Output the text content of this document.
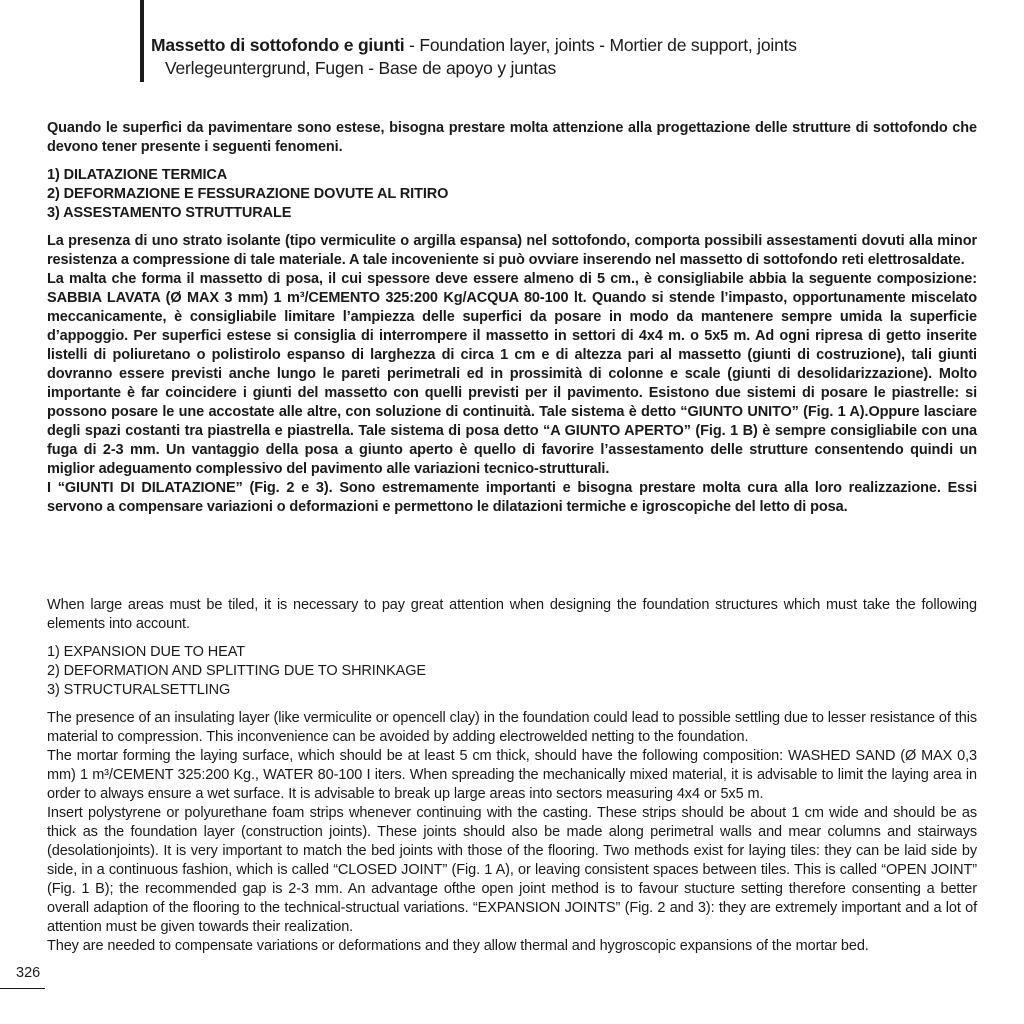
Massetto di sottofondo e giunti - Foundation layer, joints - Mortier de support, joints
Verlegeuntergrund, Fugen - Base de apoyo y juntas

Quando le superfìci da pavimentare sono estese, bisogna prestare molta attenzione alla progettazione delle strutture di sottofondo che devono tener presente i seguenti fenomeni.

1) DILATAZIONE TERMICA
2) DEFORMAZIONE E FESSURAZIONE DOVUTE AL RITIRO
3) ASSESTAMENTO STRUTTURALE

La presenza di uno strato isolante (tipo vermiculite o argilla espansa) nel sottofondo, comporta possibili assestamenti dovuti alla minor resistenza a compressione di tale materiale. A tale incoveniente si può ovviare inserendo nel massetto di sottofondo reti elettrosaldate.

La malta che forma il massetto di posa, il cui spessore deve essere almeno di 5 cm., è consigliabile abbia la seguente composizione: SABBIA LAVATA (Ø MAX 3 mm) 1 m³/CEMENTO 325:200 Kg/ACQUA 80-100 lt. Quando si stende l’impasto, opportunamente miscelato meccanicamente, è consigliabile limitare l’ampiezza delle superfici da posare in modo da mantenere sempre umida la superficie d’appoggio. Per superfici estese si consiglia di interrompere il massetto in settori di 4x4 m. o 5x5 m. Ad ogni ripresa di getto inserite listelli di poliuretano o polistirolo espanso di larghezza di circa 1 cm e di altezza pari al massetto (giunti di costruzione), tali giunti dovranno essere previsti anche lungo le pareti perimetrali ed in prossimità di colonne e scale (giunti di desolidarizzazione). Molto importante è far coincidere i giunti del massetto con quelli previsti per il pavimento. Esistono due sistemi di posare le piastrelle: si possono posare le une accostate alle altre, con soluzione di continuità. Tale sistema è detto “GIUNTO UNITO” (Fig. 1 A).Oppure lasciare degli spazi costanti tra piastrella e piastrella. Tale sistema di posa detto “A GIUNTO APERTO” (Fig. 1 B) è sempre consigliabile con una fuga di 2-3 mm. Un vantaggio della posa a giunto aperto è quello di favorire l’assestamento delle strutture consentendo quindi un miglior adeguamento complessivo del pavimento alle variazioni tecnico-strutturali.

I “GIUNTI DI DILATAZIONE” (Fig. 2 e 3). Sono estremamente importanti e bisogna prestare molta cura alla loro realizzazione. Essi servono a compensare variazioni o deformazioni e permettono le dilatazioni termiche e igroscopiche del letto di posa.

When large areas must be tiled, it is necessary to pay great attention when designing the foundation structures which must take the following elements into account.

1) EXPANSION DUE TO HEAT
2) DEFORMATION AND SPLITTING DUE TO SHRINKAGE
3) STRUCTURALSETTLING

The presence of an insulating layer (like vermiculite or opencell clay) in the foundation could lead to possible settling due to lesser resistance of this material to compression. This inconvenience can be avoided by adding electrowelded netting to the foundation.

The mortar forming the laying surface, which should be at least 5 cm thick, should have the following composition: WASHED SAND (Ø MAX 0,3 mm) 1 m³/CEMENT 325:200 Kg., WATER 80-100 I iters. When spreading the mechanically mixed material, it is advisable to limit the laying area in order to always ensure a wet surface. It is advisable to break up large areas into sectors measuring 4x4 or 5x5 m.

Insert polystyrene or polyurethane foam strips whenever continuing with the casting. These strips should be about 1 cm wide and should be as thick as the foundation layer (construction joints). These joints should also be made along perimetral walls and mear columns and stairways (desolationjoints). It is very important to match the bed joints with those of the flooring. Two methods exist for laying tiles: they can be laid side by side, in a continuous fashion, which is called “CLOSED JOINT” (Fig. 1 A), or leaving consistent spaces between tiles. This is called “OPEN JOINT” (Fig. 1 B); the recommended gap is 2-3 mm. An advantage ofthe open joint method is to favour stucture setting therefore consenting a better overall adaption of the flooring to the technical-structual variations. “EXPANSION JOINTS” (Fig. 2 and 3): they are extremely important and a lot of attention must be given towards their realization.

They are needed to compensate variations or deformations and they allow thermal and hygroscopic expansions of the mortar bed.

326
